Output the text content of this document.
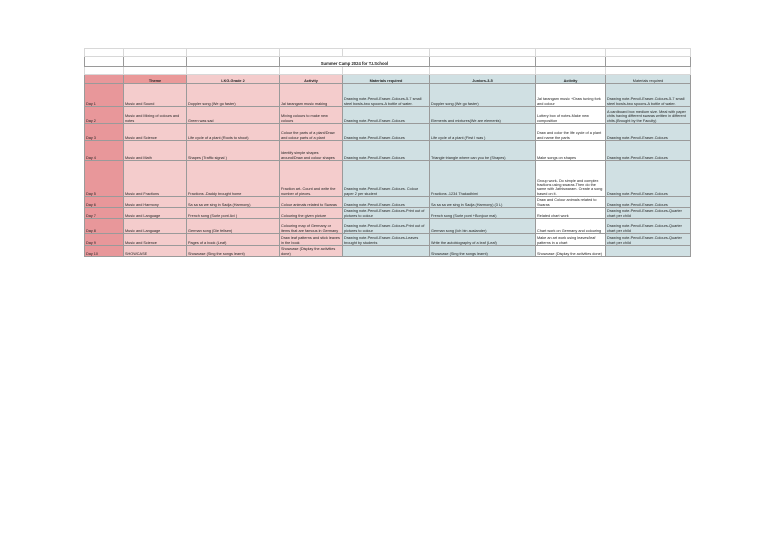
			Summer Camp 2024 for T.I.School				

	Theme	LKG-Grade 2	Activity	Materials required	Juniors-3-5	Activity	Materials required
Day 1	Music and Sound	Doppler song (We go faster)	Jal tarangam music making	Drawing note-Pencil-Eraser-Colours-5-7 small steel bowls-two spoons-A bottle of water.	Doppler song (We go faster)	Jal tarangam music +Draw tuning fork and colour	Drawing note-Pencil-Eraser-Colours-5-7 small steel bowls-two spoons-A bottle of water.
Day 2	Music and Mixing of colours and notes	Green was sad	Mixing colours to make new colours	Drawing note-Pencil-Eraser-Colours	Elements and mixtures(We are elements)	Lottery box of notes-Make new composition	A cardboard box medium size. Meal with paper chits having different swaras written in different chits.(Brought by the Faculty)
Day 3	Music and Science	Life cycle of a plant (Roots to shoot)	Colour the parts of a plant/Draw and colour parts of a plant	Drawing note-Pencil-Eraser-Colours	Life cycle of a plant (First I was )	Draw and color the life cycle of a plant and name the parts	Drawing note-Pencil-Eraser-Colours
Day 4	Music and Math	Shapes (Traffic signal )	Identify simple shapes around/Draw and colour shapes	Drawing note-Pencil-Eraser-Colours	Triangle triangle where can you be (Shapes)	Make songs on shapes	Drawing note-Pencil-Eraser-Colours
Day 5	Music and Fractions	Fractions -Daddy brought home	Fraction art- Count and write the number of pieces.	Drawing note-Pencil-Eraser-Colours. Colour paper 2 per student	Fractions -1234 Thakadhimi	Group work- Do simple and complex fractions using swaras.Then do the same with Jathiswaram. Create a song based on it.	Drawing note-Pencil-Eraser-Colours
Day 6	Music and Harmony	Sa sa sa we sing in Sadja (Harmony)	Colour animals related to Swaras	Drawing note-Pencil-Eraser-Colours	Sa sa sa we sing in Sadja (Harmony) (3 L)	Draw and Colour animals related to Swaras	Drawing note-Pencil-Eraser-Colours
Day 7	Music and Language	French song (Surle pont Avi )	Colouring the given picture	Drawing note-Pencil-Eraser-Colours-Print out of pictures to colour	French song (Surle pont +Bonjour mai)	Related chart work	Drawing note-Pencil-Eraser-Colours-Quarter chart per child
Day 8	Music and Language	German song (Die fellsen)	Colouring map of Germany or items that are famous in Germany	Drawing note-Pencil-Eraser-Colours-Print out of pictures to colour	German song (Ich bin auslander)	Chart work on Germany and colouring	Drawing note-Pencil-Eraser-Colours-Quarter chart per child
Day 9	Music and Science	Pages of a book (Leaf)	Draw leaf patterns and stick leaves in the book	Drawing note-Pencil-Eraser-Colours-Leaves brought by students	Write the autobiography of a leaf (Leaf)	Make an art work using leaves/leaf patterns in a chart	Drawing note-Pencil-Eraser-Colours-Quarter chart per child
Day 10	SHOWCASE	Showcase (Sing the songs learnt)	Showcase (Display the activities done)		Showcase (Sing the songs learnt)	Showcase (Display the activities done)	
